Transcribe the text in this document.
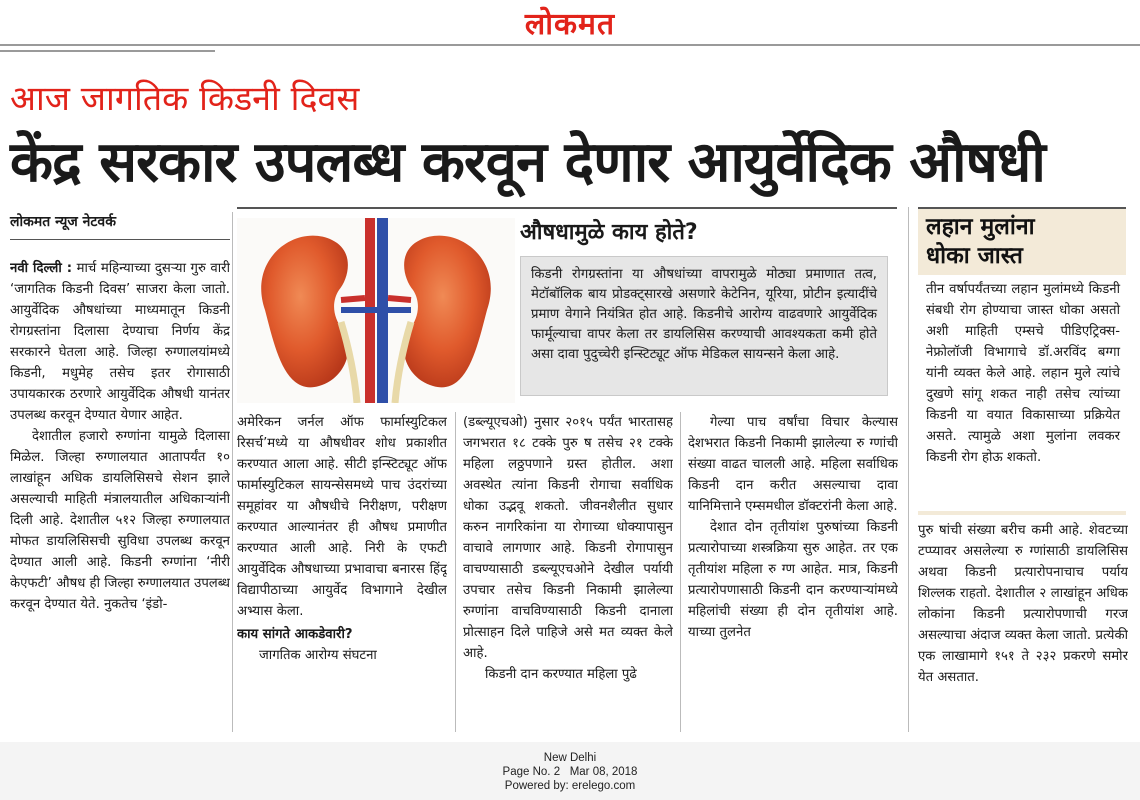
लोकमत
आज जागतिक किडनी दिवस
केंद्र सरकार उपलब्ध करवून देणार आयुर्वेदिक औषधी
लोकमत न्यूज नेटवर्क

नवी दिल्ली : मार्च महिन्याच्या दुसऱ्या गुरु वारी ‘जागतिक किडनी दिवस’ साजरा केला जातो. आयुर्वेदिक औषधांच्या माध्यमातून किडनी रोगग्रस्तांना दिलासा देण्याचा निर्णय केंद्र सरकारने घेतला आहे. जिल्हा रुग्णालयांमध्ये किडनी, मधुमेह तसेच इतर रोगासाठी उपायकारक ठरणारे आयुर्वेदिक औषधी यानंतर उपलब्ध करवून देण्यात येणार आहेत.

देशातील हजारो रुग्णांना यामुळे दिलासा मिळेल. जिल्हा रुग्णालयात आतापर्यंत १० लाखांहून अधिक डायलिसिसचे सेशन झाले असल्याची माहिती मंत्रालयातील अधिकाऱ्यांनी दिली आहे. देशातील ५१२ जिल्हा रुग्णालयात मोफत डायलिसिसची सुविधा उपलब्ध करवून देण्यात आली आहे. किडनी रुग्णांना ‘नीरी केएफटी’ औषध ही जिल्हा रुग्णालयात उपलब्ध करवून देण्यात येते. नुकतेच ‘इंडो-

औषधामुळे काय होते?
किडनी रोगग्रस्तांना या औषधांच्या वापरामुळे मोठ्या प्रमाणात तत्व, मेटॉबॉलिक बाय प्रोडक्ट्सारखे असणारे केटेनिन, यूरिया, प्रोटीन इत्यादींचे प्रमाण वेगाने नियंत्रित होत आहे. किडनीचे आरोग्य वाढवणारे आयुर्वेदिक फार्मूल्याचा वापर केला तर डायलिसिस करण्याची आवश्यकता कमी होते असा दावा पुदुच्चेरी इन्स्टिट्यूट ऑफ मेडिकल सायन्सने केला आहे.

अमेरिकन जर्नल ऑफ फार्मास्युटिकल रिसर्च’मध्ये या औषधीवर शोध प्रकाशीत करण्यात आला आहे. सीटी इन्स्टिट्यूट ऑफ फार्मास्युटिकल सायन्सेसमध्ये पाच उंदरांच्या समूहांवर या औषधीचे निरीक्षण, परीक्षण करण्यात आल्यानंतर ही औषध प्रमाणीत करण्यात आली आहे. निरी के एफटी आयुर्वेदिक औषधाच्या प्रभावाचा बनारस हिंदू विद्यापीठाच्या आयुर्वेद विभागाने देखील अभ्यास केला.

काय सांगते आकडेवारी?

जागतिक आरोग्य संघटना

(डब्ल्यूएचओ) नुसार २०१५ पर्यंत भारतासह जगभरात १८ टक्के पुरु ष तसेच २१ टक्के महिला लठ्ठपणाने ग्रस्त होतील. अशा अवस्थेत त्यांना किडनी रोगाचा सर्वाधिक धोका उद्भवू शकतो. जीवनशैलीत सुधार करुन नागरिकांना या रोगाच्या धोक्यापासुन वाचावे लागणार आहे. किडनी रोगापासुन वाचण्यासाठी डब्ल्यूएचओने देखील पर्यायी उपचार तसेच किडनी निकामी झालेल्या रुग्णांना वाचविण्यासाठी किडनी दानाला प्रोत्साहन दिले पाहिजे असे मत व्यक्त केले आहे.

किडनी दान करण्यात महिला पुढे

गेल्या पाच वर्षांचा विचार केल्यास देशभरात किडनी निकामी झालेल्या रु ग्णांची संख्या वाढत चालली आहे. महिला सर्वाधिक किडनी दान करीत असल्याचा दावा यानिमित्ताने एम्समधील डॉक्टरांनी केला आहे.

देशात दोन तृतीयांश पुरुषांच्या किडनी प्रत्यारोपाच्या शस्त्रक्रिया सुरु आहेत. तर एक तृतीयांश महिला रु ग्ण आहेत. मात्र, किडनी प्रत्यारोपणासाठी किडनी दान करण्याऱ्यांमध्ये महिलांची संख्या ही दोन तृतीयांश आहे. याच्या तुलनेत

लहान मुलांना
धोका जास्त
तीन वर्षापर्यंतच्या लहान मुलांमध्ये किडनी संबधी रोग होण्याचा जास्त धोका असतो अशी माहिती एम्सचे पीडिएट्रिक्स-नेफ्रोलॉजी विभागाचे डॉ.अरविंद बग्गा यांनी व्यक्त केले आहे. लहान मुले त्यांचे दुखणे सांगू शकत नाही तसेच त्यांच्या किडनी या वयात विकासाच्या प्रक्रियेत असते. त्यामुळे अशा मुलांना लवकर किडनी रोग होऊ शकतो.

पुरु षांची संख्या बरीच कमी आहे. शेवटच्या टप्प्यावर असलेल्या रु ग्णांसाठी डायलिसिस अथवा किडनी प्रत्यारोपनाचाच पर्याय शिल्लक राहतो. देशातील २ लाखांहून अधिक लोकांना किडनी प्रत्यारोपणाची गरज असल्याचा अंदाज व्यक्त केला जातो. प्रत्येकी एक लाखामागे १५१ ते २३२ प्रकरणे समोर येत असतात.

New Delhi
Page No. 2 Mar 08, 2018
Powered by: erelego.com
